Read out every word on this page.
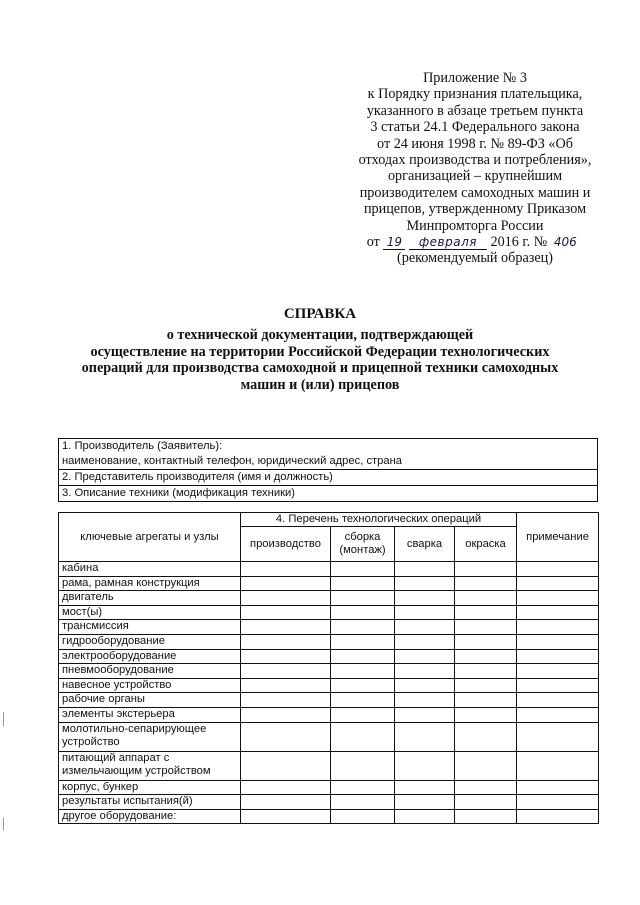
Приложение № 3
к Порядку признания плательщика,
указанного в абзаце третьем пункта
3 статьи 24.1 Федерального закона
от 24 июня 1998 г. № 89-ФЗ «Об
отходах производства и потребления»,
организацией – крупнейшим
производителем самоходных машин и
прицепов, утвержденному Приказом
Минпромторга России
от 19 февраля 2016 г. № 406
(рекомендуемый образец)
СПРАВКА
о технической документации, подтверждающей
осуществление на территории Российской Федерации технологических
операций для производства самоходной и прицепной техники самоходных
машин и (или) прицепов
1. Производитель (Заявитель):
наименование, контактный телефон, юридический адрес, страна
2. Представитель производителя (имя и должность)
3. Описание техники (модификация техники)
ключевые агрегаты и узлы	4. Перечень технологических операций				примечание
	производство	сборка (монтаж)	сварка	окраска	
кабина					
рама, рамная конструкция					
двигатель					
мост(ы)					
трансмиссия					
гидрооборудование					
электрооборудование					
пневмооборудование					
навесное устройство					
рабочие органы					
элементы экстерьера					
молотильно-сепарирующее устройство					
питающий аппарат с измельчающим устройством					
корпус, бункер					
результаты испытания(й)					
другое оборудование:					
